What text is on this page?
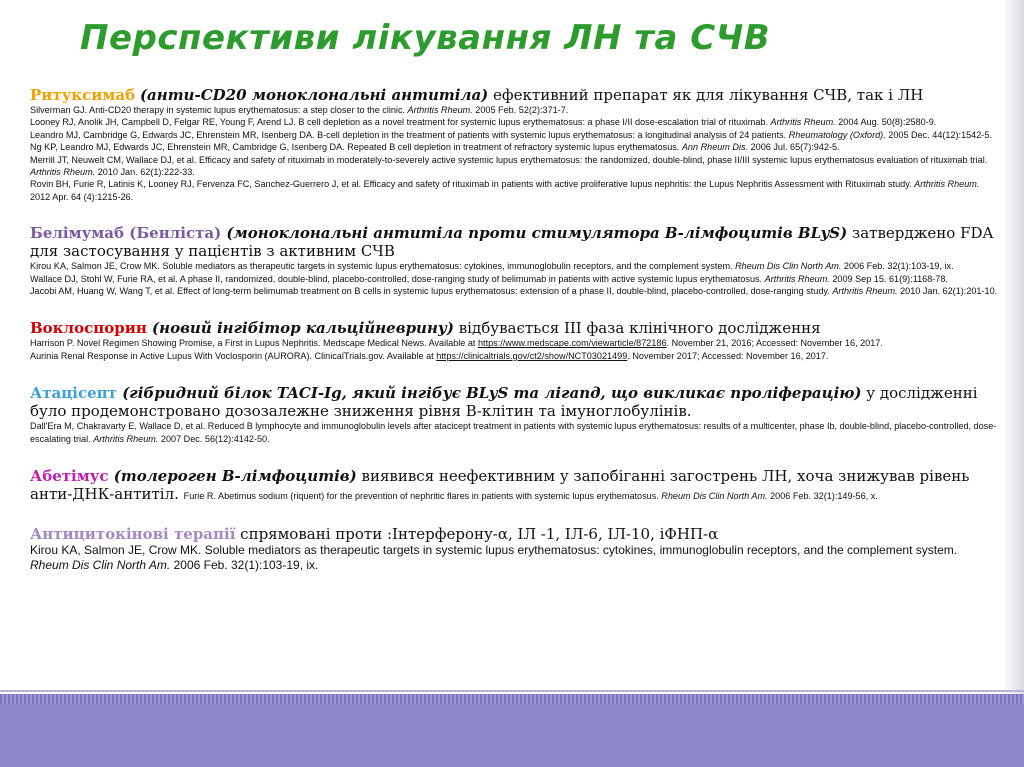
Перспективи лікування ЛН та СЧВ

Ритуксимаб (анти-CD20 моноклональні антитіла) ефективний препарат як для лікування СЧВ, так і ЛН

Silverman GJ. Anti-CD20 therapy in systemic lupus erythematosus: a step closer to the clinic. Arthritis Rheum. 2005 Feb. 52(2):371-7.

Looney RJ, Anolik JH, Campbell D, Felgar RE, Young F, Arend LJ. B cell depletion as a novel treatment for systemic lupus erythematosus: a phase I/II dose-escalation trial of rituximab. Arthritis Rheum. 2004 Aug. 50(8):2580-9.

Leandro MJ, Cambridge G, Edwards JC, Ehrenstein MR, Isenberg DA. B-cell depletion in the treatment of patients with systemic lupus erythematosus: a longitudinal analysis of 24 patients. Rheumatology (Oxford). 2005 Dec. 44(12):1542-5.

Ng KP, Leandro MJ, Edwards JC, Ehrenstein MR, Cambridge G, Isenberg DA. Repeated B cell depletion in treatment of refractory systemic lupus erythematosus. Ann Rheum Dis. 2006 Jul. 65(7):942-5.

Merrill JT, Neuwelt CM, Wallace DJ, et al. Efficacy and safety of rituximab in moderately-to-severely active systemic lupus erythematosus: the randomized, double-blind, phase II/III systemic lupus erythematosus evaluation of rituximab trial. Arthritis Rheum. 2010 Jan. 62(1):222-33.

Rovin BH, Furie R, Latinis K, Looney RJ, Fervenza FC, Sanchez-Guerrero J, et al. Efficacy and safety of rituximab in patients with active proliferative lupus nephritis: the Lupus Nephritis Assessment with Rituximab study. Arthritis Rheum. 2012 Apr. 64 (4):1215-26.

Белімумаб (Бенліста) (моноклональні антитіла проти стимулятора В-лімфоцитів BLyS) затверджено FDA для застосування у пацієнтів з активним СЧВ

Kirou KA, Salmon JE, Crow MK. Soluble mediators as therapeutic targets in systemic lupus erythematosus: cytokines, immunoglobulin receptors, and the complement system. Rheum Dis Clin North Am. 2006 Feb. 32(1):103-19, ix.

Wallace DJ, Stohl W, Furie RA, et al. A phase II, randomized, double-blind, placebo-controlled, dose-ranging study of belimumab in patients with active systemic lupus erythematosus. Arthritis Rheum. 2009 Sep 15. 61(9):1168-78.

Jacobi AM, Huang W, Wang T, et al. Effect of long-term belimumab treatment on B cells in systemic lupus erythematosus: extension of a phase II, double-blind, placebo-controlled, dose-ranging study. Arthritis Rheum. 2010 Jan. 62(1):201-10.

Воклоспорин (новий інгібітор кальційневрину) відбувається ІІІ фаза клінічного дослідження

Harrison P. Novel Regimen Showing Promise, a First in Lupus Nephritis. Medscape Medical News. Available at https://www.medscape.com/viewarticle/872186. November 21, 2016; Accessed: November 16, 2017.

Aurinia Renal Response in Active Lupus With Voclosporin (AURORA). ClinicalTrials.gov. Available at https://clinicaltrials.gov/ct2/show/NCT03021499. November 2017; Accessed: November 16, 2017.

Атацісепт (гібридний білок TACI-Ig, який інгібує BLyS та лігаnд, що викликає проліферацію) у дослідженні було продемонстровано дозозалежне зниження рівня В-клітин та імуноглобулінів.

Dall'Era M, Chakravarty E, Wallace D, et al. Reduced B lymphocyte and immunoglobulin levels after atacicept treatment in patients with systemic lupus erythematosus: results of a multicenter, phase Ib, double-blind, placebo-controlled, dose-escalating trial. Arthritis Rheum. 2007 Dec. 56(12):4142-50.

Абетімус (толероген В-лімфоцитів) виявився неефективним у запобіганні загострень ЛН, хоча знижував рівень анти-ДНК-антитіл. Furie R. Abetimus sodium (riquent) for the prevention of nephritic flares in patients with systemic lupus erythematosus. Rheum Dis Clin North Am. 2006 Feb. 32(1):149-56, x.

Антицитокінові терапії спрямовані проти :Інтерферону-α, ІЛ -1, ІЛ-6, ІЛ-10, іФНП-α

Kirou KA, Salmon JE, Crow MK. Soluble mediators as therapeutic targets in systemic lupus erythematosus: cytokines, immunoglobulin receptors, and the complement system. Rheum Dis Clin North Am. 2006 Feb. 32(1):103-19, ix.
